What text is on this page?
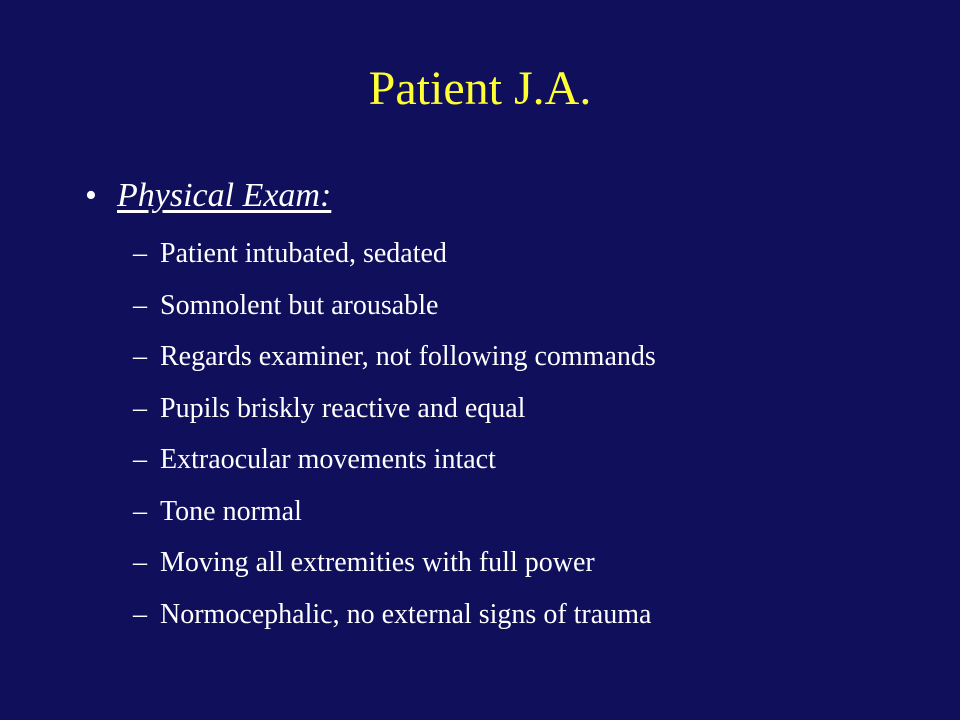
Patient J.A.
• Physical Exam:
– Patient intubated, sedated
– Somnolent but arousable
– Regards examiner, not following commands
– Pupils briskly reactive and equal
– Extraocular movements intact
– Tone normal
– Moving all extremities with full power
– Normocephalic, no external signs of trauma
